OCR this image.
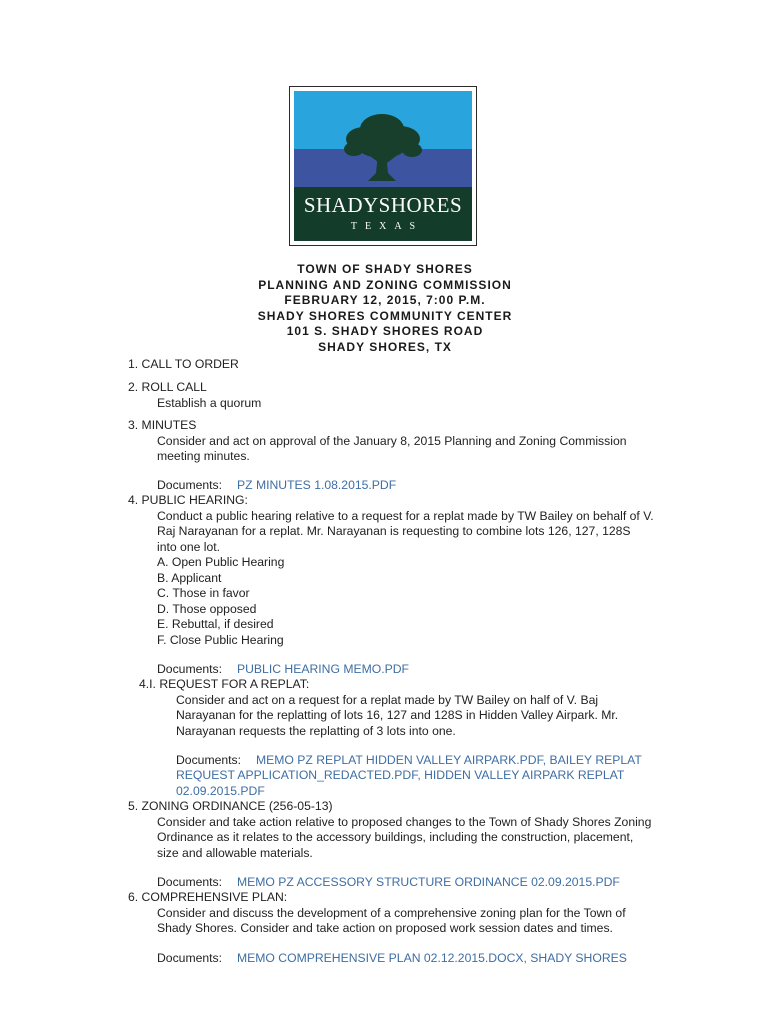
SHADYSHORES
TEXAS
TOWN OF SHADY SHORES
PLANNING AND ZONING COMMISSION
FEBRUARY 12, 2015, 7:00 P.M.
SHADY SHORES COMMUNITY CENTER
101 S. SHADY SHORES ROAD
SHADY SHORES, TX
1. CALL TO ORDER
2. ROLL CALL
Establish a quorum
3. MINUTES
Consider and act on approval of the January 8, 2015 Planning and Zoning Commission
meeting minutes.
Documents: PZ MINUTES 1.08.2015.PDF
4. PUBLIC HEARING:
Conduct a public hearing relative to a request for a replat made by TW Bailey on behalf of V.
Raj Narayanan for a replat. Mr. Narayanan is requesting to combine lots 126, 127, 128S
into one lot.
A. Open Public Hearing
B. Applicant
C. Those in favor
D. Those opposed
E. Rebuttal, if desired
F. Close Public Hearing
Documents: PUBLIC HEARING MEMO.PDF
4.I. REQUEST FOR A REPLAT:
Consider and act on a request for a replat made by TW Bailey on half of V. Baj
Narayanan for the replatting of lots 16, 127 and 128S in Hidden Valley Airpark. Mr.
Narayanan requests the replatting of 3 lots into one.
Documents: MEMO PZ REPLAT HIDDEN VALLEY AIRPARK.PDF, BAILEY REPLAT
REQUEST APPLICATION_REDACTED.PDF, HIDDEN VALLEY AIRPARK REPLAT
02.09.2015.PDF
5. ZONING ORDINANCE (256-05-13)
Consider and take action relative to proposed changes to the Town of Shady Shores Zoning
Ordinance as it relates to the accessory buildings, including the construction, placement,
size and allowable materials.
Documents: MEMO PZ ACCESSORY STRUCTURE ORDINANCE 02.09.2015.PDF
6. COMPREHENSIVE PLAN:
Consider and discuss the development of a comprehensive zoning plan for the Town of
Shady Shores. Consider and take action on proposed work session dates and times.
Documents: MEMO COMPREHENSIVE PLAN 02.12.2015.DOCX, SHADY SHORES
